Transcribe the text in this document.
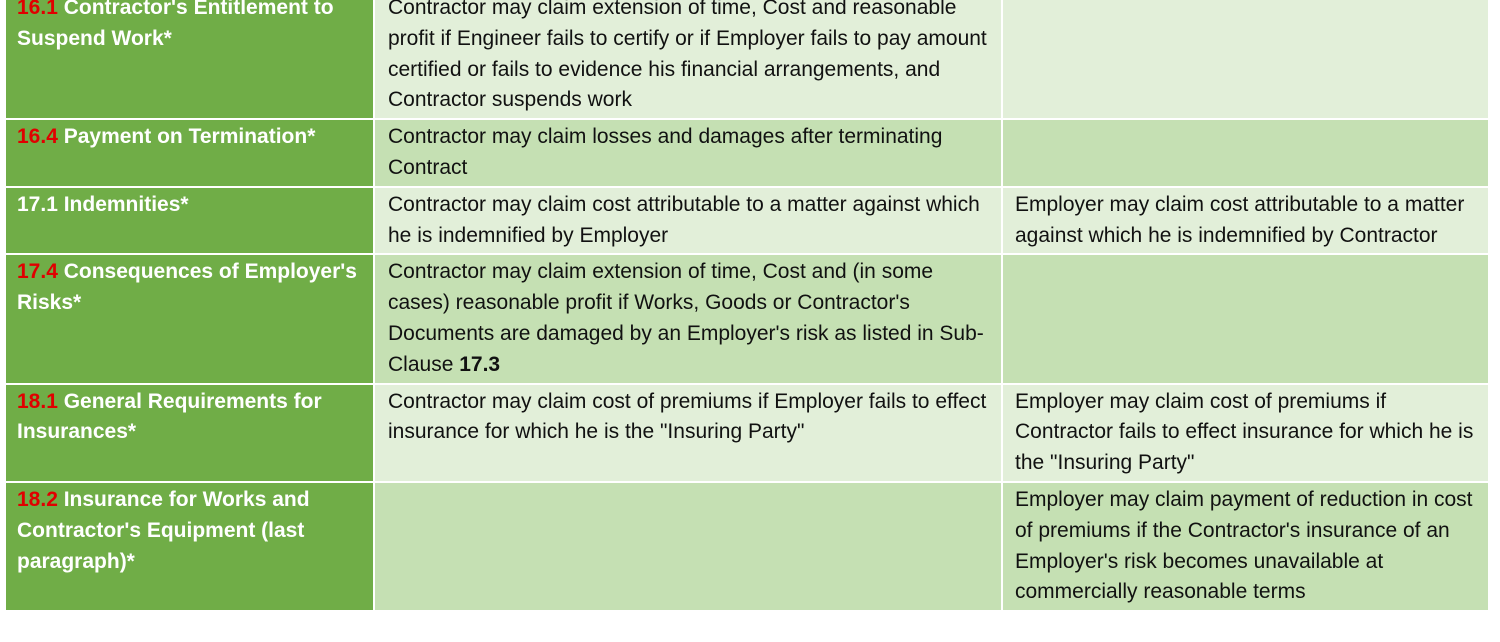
16.1 Contractor's Entitlement to Suspend Work*	Contractor may claim extension of time, Cost and reasonable profit if Engineer fails to certify or if Employer fails to pay amount certified or fails to evidence his financial arrangements, and Contractor suspends work	
16.4 Payment on Termination*	Contractor may claim losses and damages after terminating Contract	
17.1 Indemnities*	Contractor may claim cost attributable to a matter against which he is indemnified by Employer	Employer may claim cost attributable to a matter against which he is indemnified by Contractor
17.4 Consequences of Employer's Risks*	Contractor may claim extension of time, Cost and (in some cases) reasonable profit if Works, Goods or Contractor's Documents are damaged by an Employer's risk as listed in Sub-Clause 17.3	
18.1 General Requirements for Insurances*	Contractor may claim cost of premiums if Employer fails to effect insurance for which he is the "Insuring Party"	Employer may claim cost of premiums if Contractor fails to effect insurance for which he is the "Insuring Party"
18.2 Insurance for Works and Contractor's Equipment (last paragraph)*		Employer may claim payment of reduction in cost of premiums if the Contractor's insurance of an Employer's risk becomes unavailable at commercially reasonable terms
